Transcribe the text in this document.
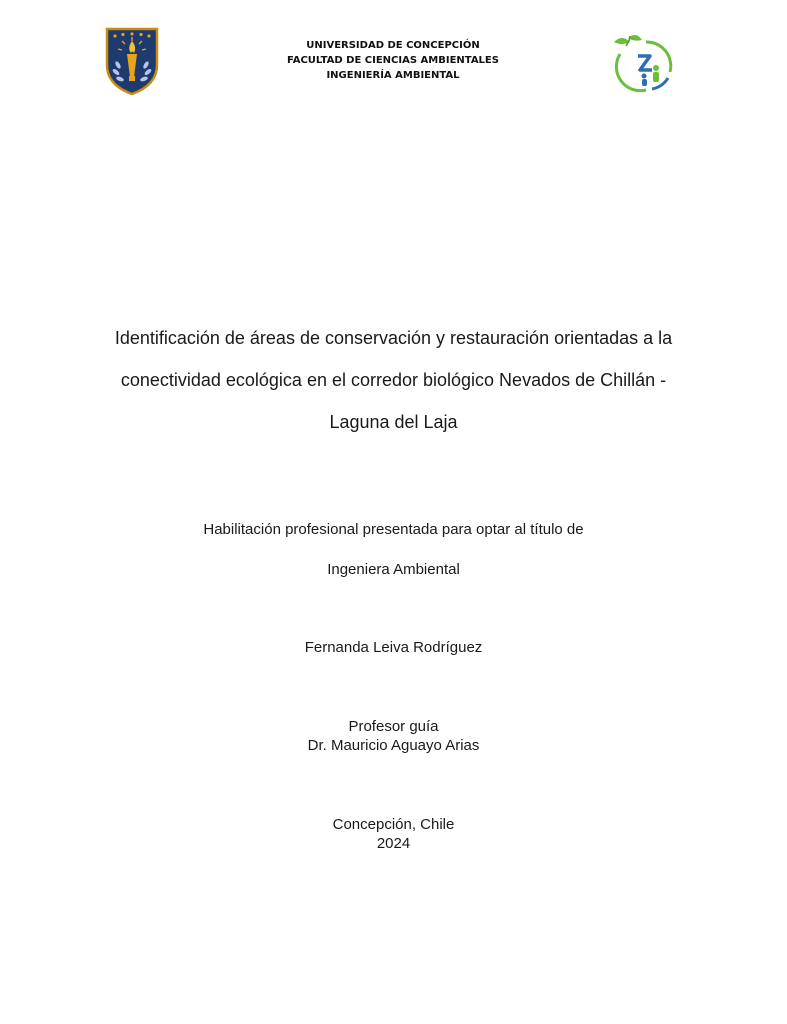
UNIVERSIDAD DE CONCEPCIÓN
FACULTAD DE CIENCIAS AMBIENTALES
INGENIERÍA AMBIENTAL
Identificación de áreas de conservación y restauración orientadas a la
conectividad ecológica en el corredor biológico Nevados de Chillán -
Laguna del Laja
Habilitación profesional presentada para optar al título de
Ingeniera Ambiental
Fernanda Leiva Rodríguez
Profesor guía
Dr. Mauricio Aguayo Arias
Concepción, Chile
2024
